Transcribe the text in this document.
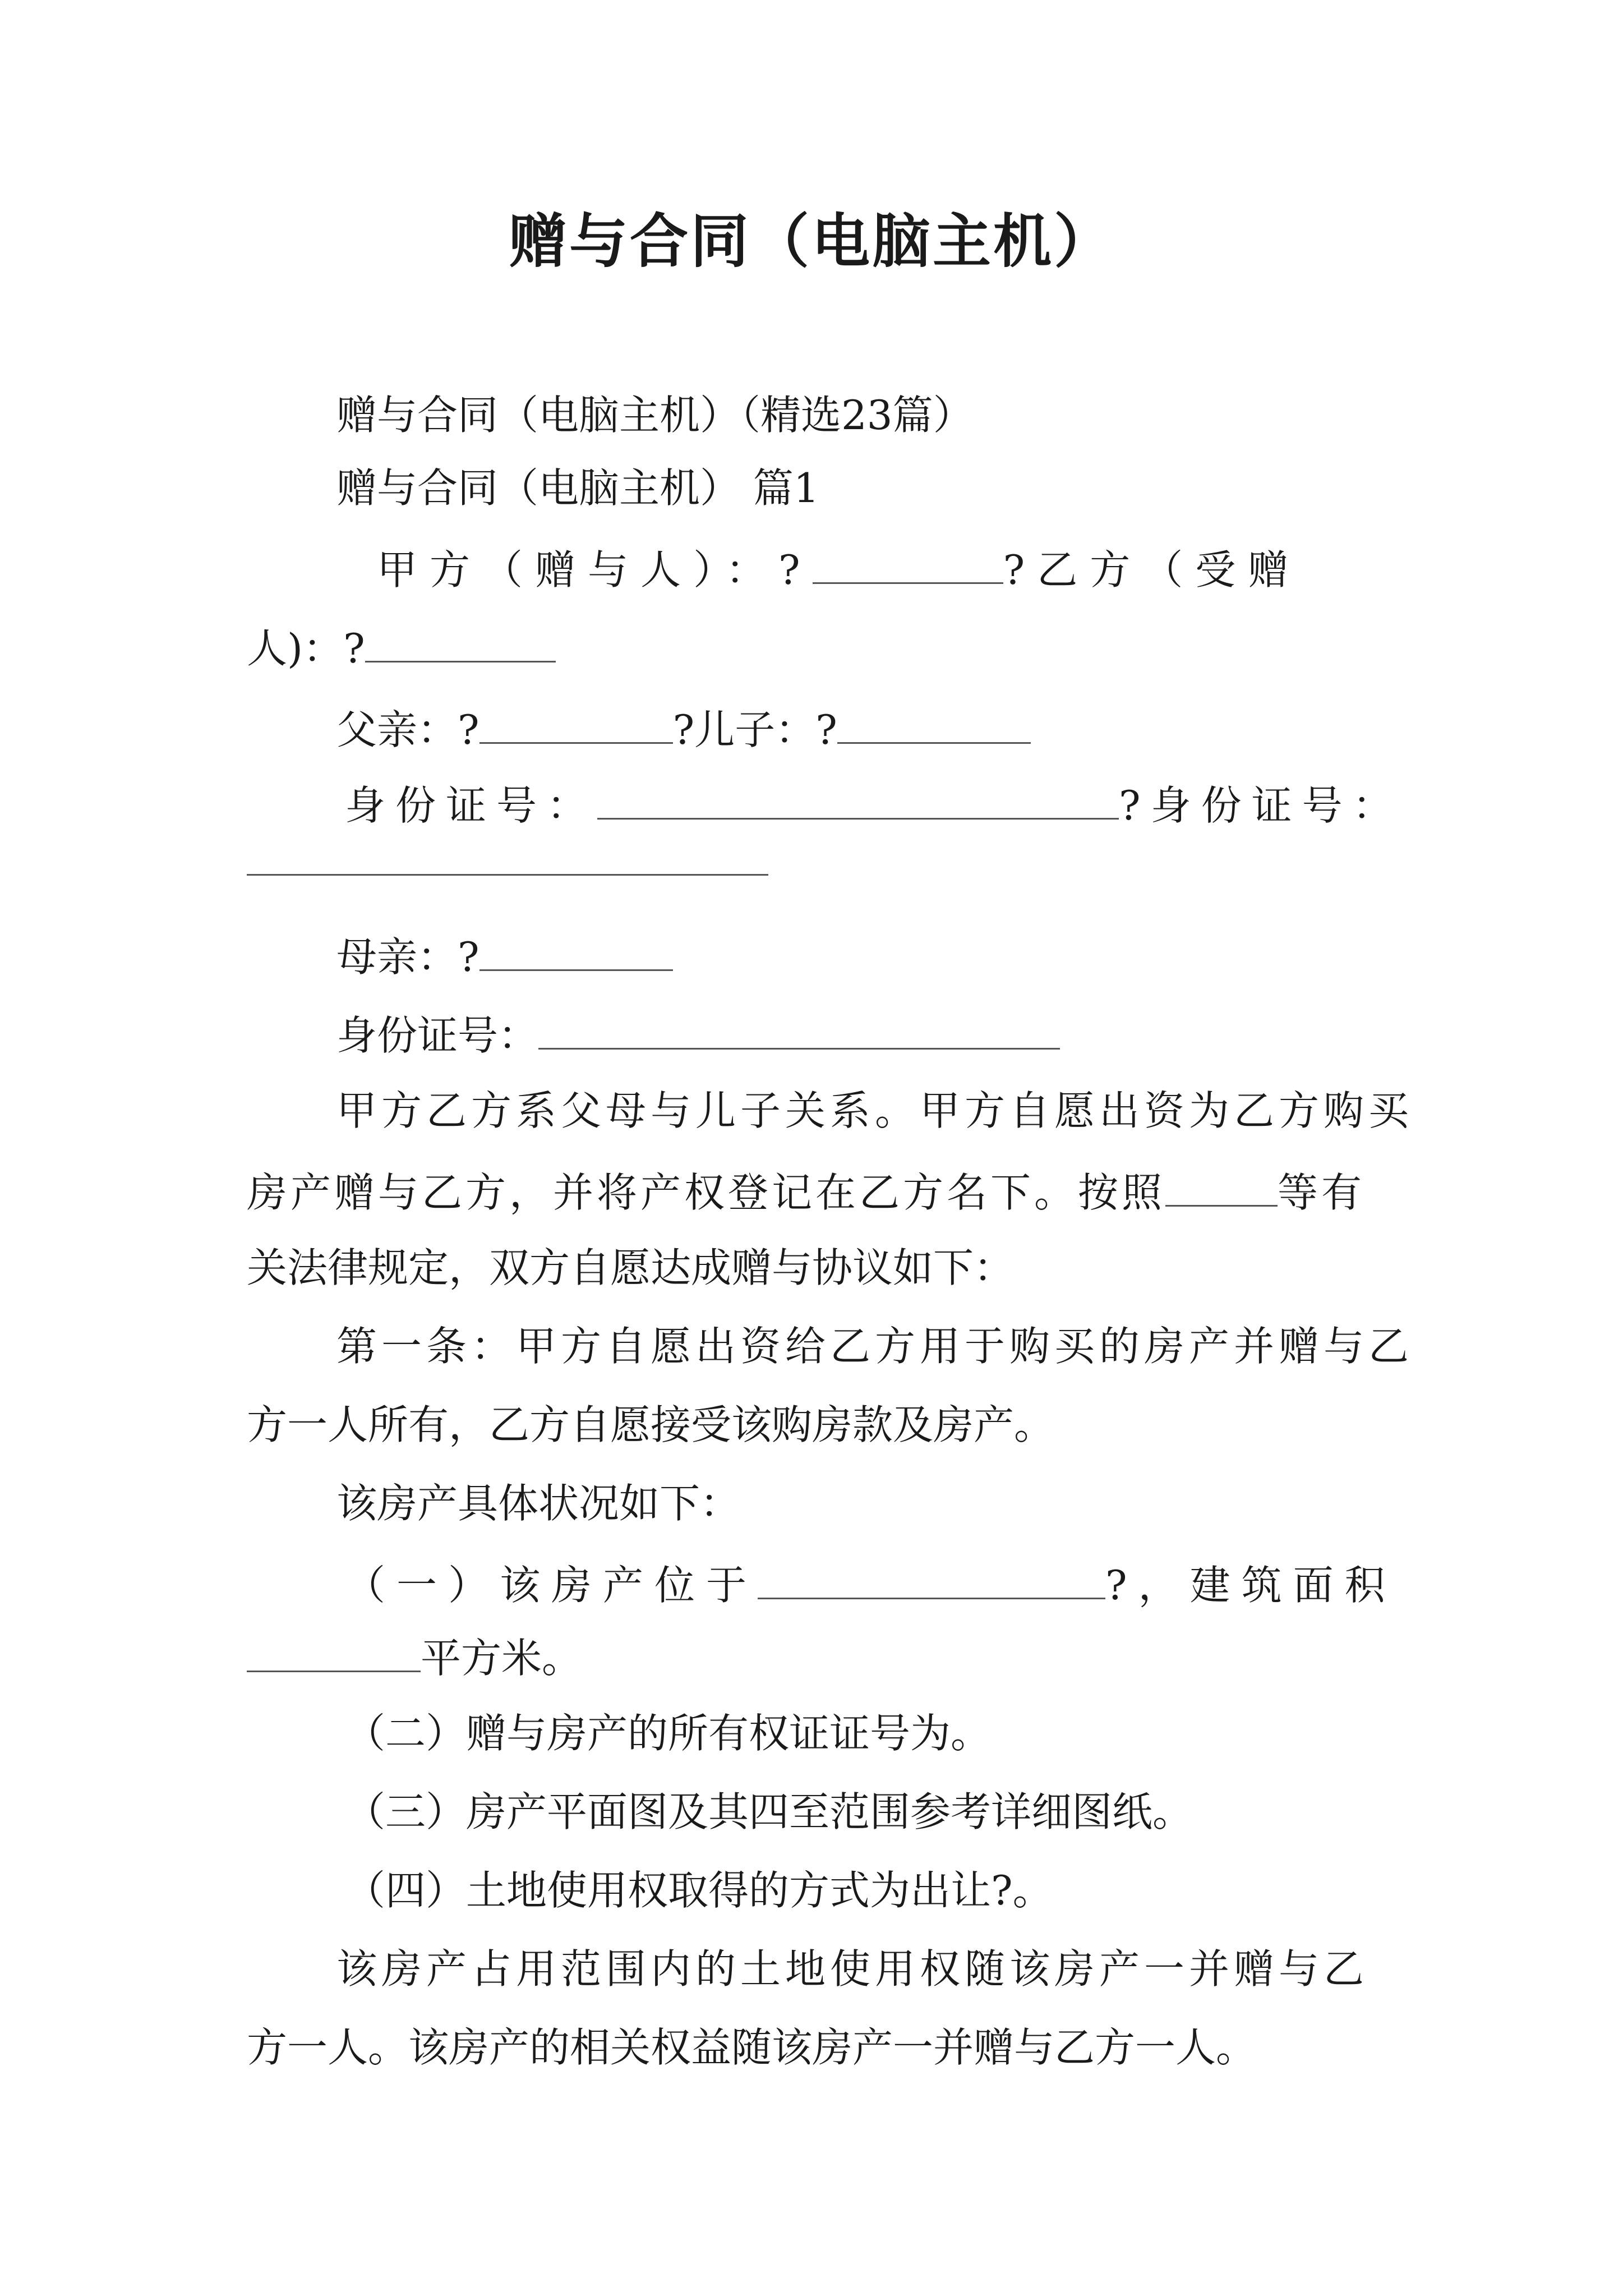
赠与合同（电脑主机）
赠与合同（电脑主机）（精选23篇）
赠与合同（电脑主机） 篇1
甲方（赠与人）：?	?乙方（受赠
人)：?
父亲：?	?儿子：?
身份证号：	?身份证号：
母亲：?
身份证号：
甲方乙方系父母与儿子关系。甲方自愿出资为乙方购买
房产赠与乙方，并将产权登记在乙方名下。按照	等有
关法律规定，双方自愿达成赠与协议如下：
第一条：甲方自愿出资给乙方用于购买的房产并赠与乙
方一人所有，乙方自愿接受该购房款及房产。
该房产具体状况如下：
（一）该房产位于	?，建筑面积
平方米。
（二）赠与房产的所有权证证号为。
（三）房产平面图及其四至范围参考详细图纸。
（四）土地使用权取得的方式为出让?。
该房产占用范围内的土地使用权随该房产一并赠与乙
方一人。该房产的相关权益随该房产一并赠与乙方一人。
